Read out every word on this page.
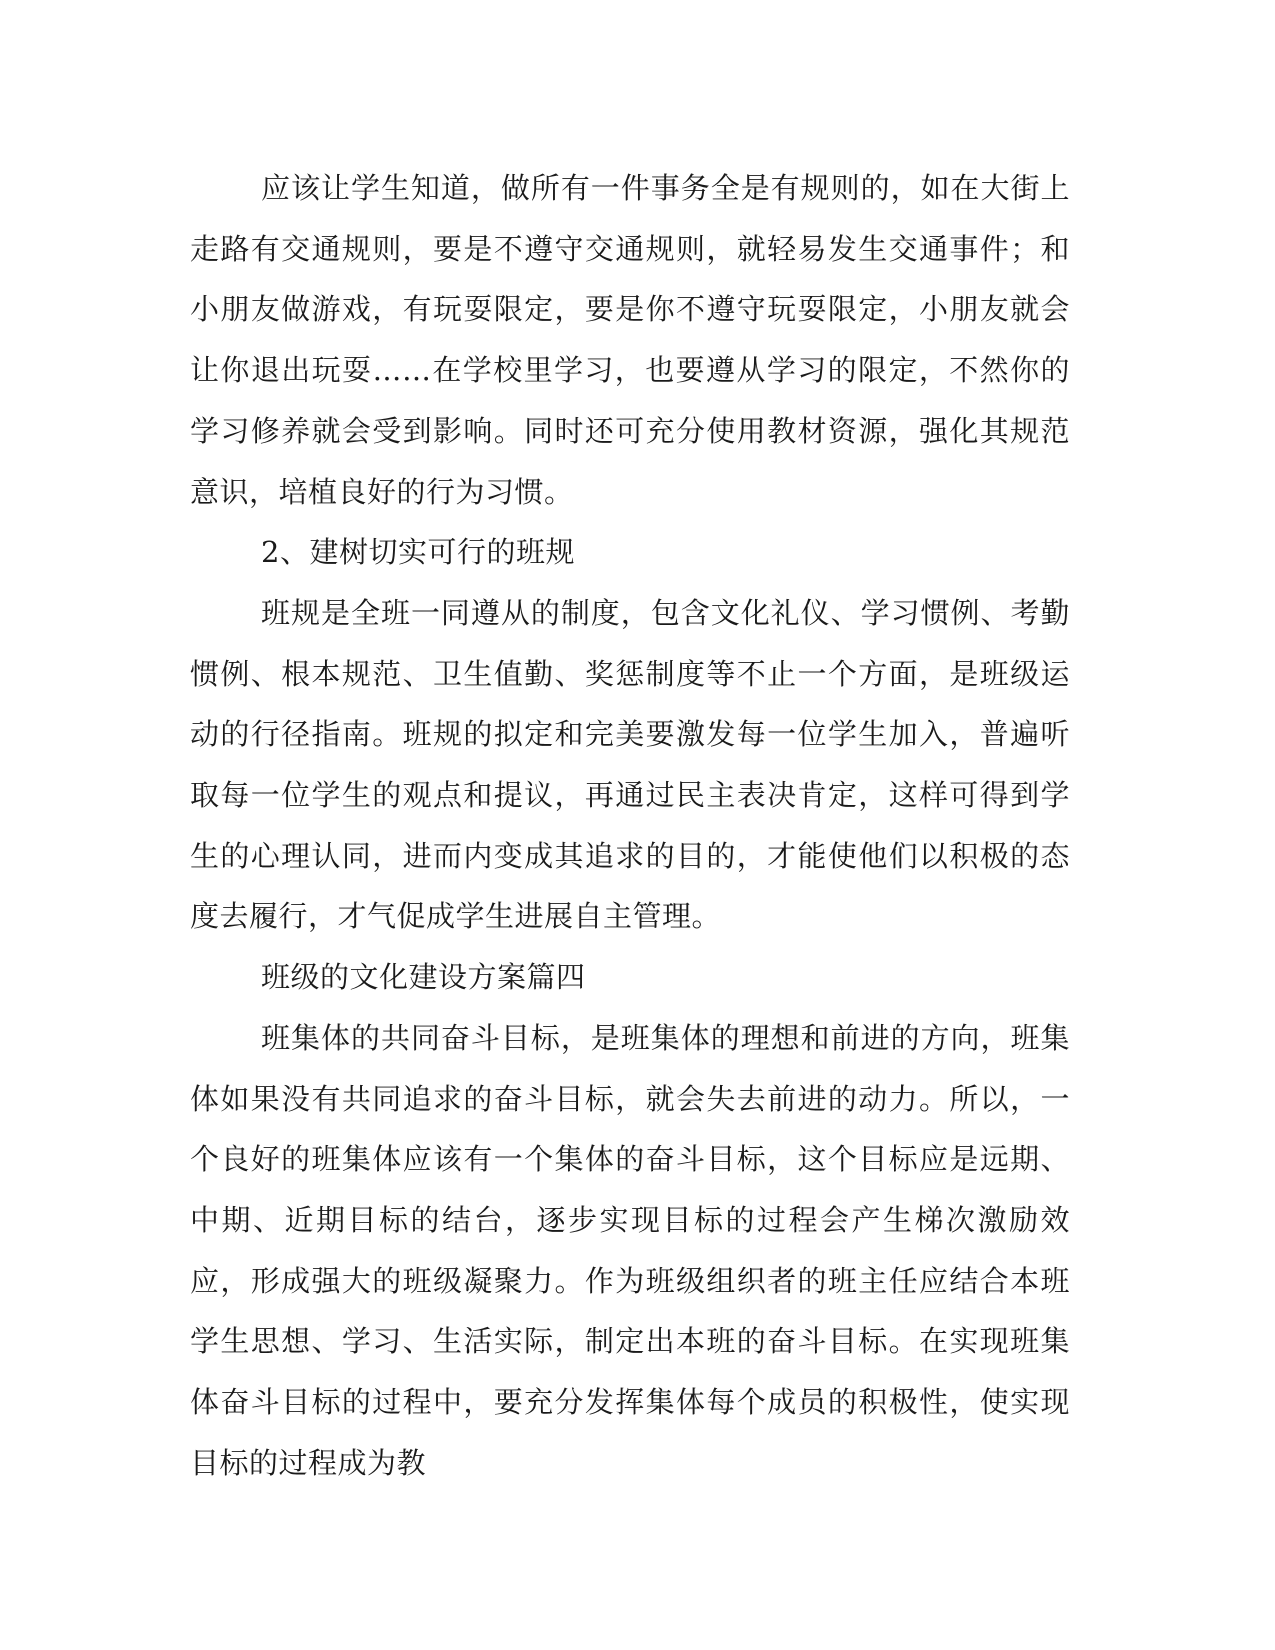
应该让学生知道，做所有一件事务全是有规则的，如在大街上走路有交通规则，要是不遵守交通规则，就轻易发生交通事件；和小朋友做游戏，有玩耍限定，要是你不遵守玩耍限定，小朋友就会让你退出玩耍……在学校里学习，也要遵从学习的限定，不然你的学习修养就会受到影响。同时还可充分使用教材资源，强化其规范意识，培植良好的行为习惯。

2、建树切实可行的班规

班规是全班一同遵从的制度，包含文化礼仪、学习惯例、考勤惯例、根本规范、卫生值勤、奖惩制度等不止一个方面，是班级运动的行径指南。班规的拟定和完美要激发每一位学生加入，普遍听取每一位学生的观点和提议，再通过民主表决肯定，这样可得到学生的心理认同，进而内变成其追求的目的，才能使他们以积极的态度去履行，才气促成学生进展自主管理。

班级的文化建设方案篇四

班集体的共同奋斗目标，是班集体的理想和前进的方向，班集体如果没有共同追求的奋斗目标，就会失去前进的动力。所以，一个良好的班集体应该有一个集体的奋斗目标，这个目标应是远期、中期、近期目标的结台，逐步实现目标的过程会产生梯次激励效应，形成强大的班级凝聚力。作为班级组织者的班主任应结合本班学生思想、学习、生活实际，制定出本班的奋斗目标。在实现班集体奋斗目标的过程中，要充分发挥集体每个成员的积极性，使实现目标的过程成为教
